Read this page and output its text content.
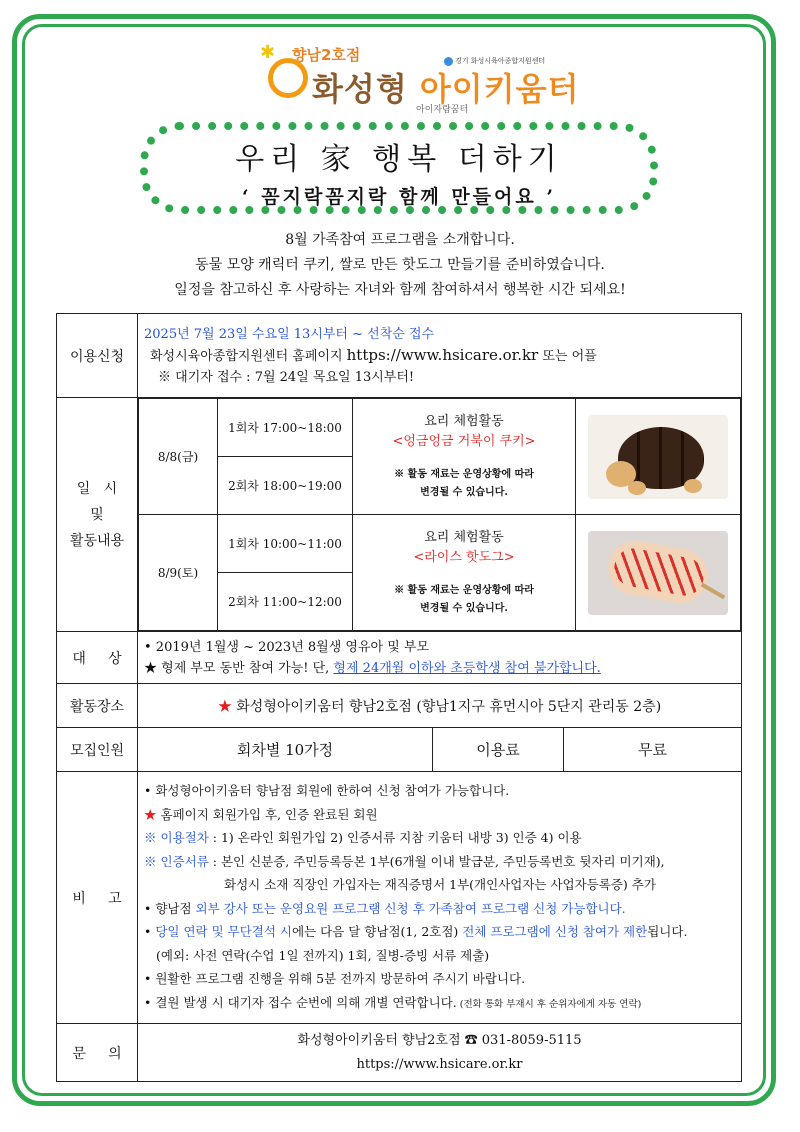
✱ 향남2호점
화성형 아이키움터
아이자람꿈터
경기 화성시육아종합지원센터
우리 家 행복 더하기
‘ 꼼지락꼼지락 함께 만들어요 ’
8월 가족참여 프로그램을 소개합니다.
동물 모양 캐릭터 쿠키, 쌀로 만든 핫도그 만들기를 준비하였습니다.
일정을 참고하신 후 사랑하는 자녀와 함께 참여하셔서 행복한 시간 되세요!
이용신청	
2025년 7월 23일 수요일 13시부터 ~ 선착순 접수
화성시육아종합지원센터 홈페이지 https://www.hsicare.or.kr 또는 어플
※ 대기자 접수 : 7월 24일 목요일 13시부터!

일   시
및
활동내용

8/8(금)	1회차 17:00~18:00	요리 체험활동
<엉금엉금 거북이 쿠키>
※ 활동 재료는 운영상황에 따라
변경될 수 있습니다.

2회차 18:00~19:00
8/9(토)	1회차 10:00~11:00	요리 체험활동
<라이스 핫도그>
※ 활동 재료는 운영상황에 따라
변경될 수 있습니다.

2회차 11:00~12:00

대     상	
• 2019년 1월생 ~ 2023년 8월생 영유아 및 부모
★ 형제 부모 동반 참여 가능! 단, 형제 24개월 이하와 초등학생 참여 불가합니다.

활동장소	★ 화성형아이키움터 향남2호점 (향남1지구 휴먼시아 5단지 관리동 2층)
모집인원	회차별 10가정	이용료	무료
비     고	
• 화성형아이키움터 향남점 회원에 한하여 신청 참여가 가능합니다.
★ 홈페이지 회원가입 후, 인증 완료된 회원
※ 이용절차 : 1) 온라인 회원가입 2) 인증서류 지참 키움터 내방 3) 인증 4) 이용
※ 인증서류 : 본인 신분증, 주민등록등본 1부(6개월 이내 발급분, 주민등록번호 뒷자리 미기재),
화성시 소재 직장인 가입자는 재직증명서 1부(개인사업자는 사업자등록증) 추가
• 향남점 외부 강사 또는 운영요원 프로그램 신청 후 가족참여 프로그램 신청 가능합니다.
• 당일 연락 및 무단결석 시에는 다음 달 향남점(1, 2호점) 전체 프로그램에 신청 참여가 제한됩니다.
(예외: 사전 연락(수업 1일 전까지) 1회, 질병-증빙 서류 제출)
• 원활한 프로그램 진행을 위해 5분 전까지 방문하여 주시기 바랍니다.
• 결원 발생 시 대기자 접수 순번에 의해 개별 연락합니다. (전화 통화 부재시 후 순위자에게 자동 연락)

문     의	
화성형아이키움터 향남2호점 ☎ 031-8059-5115
https://www.hsicare.or.kr
